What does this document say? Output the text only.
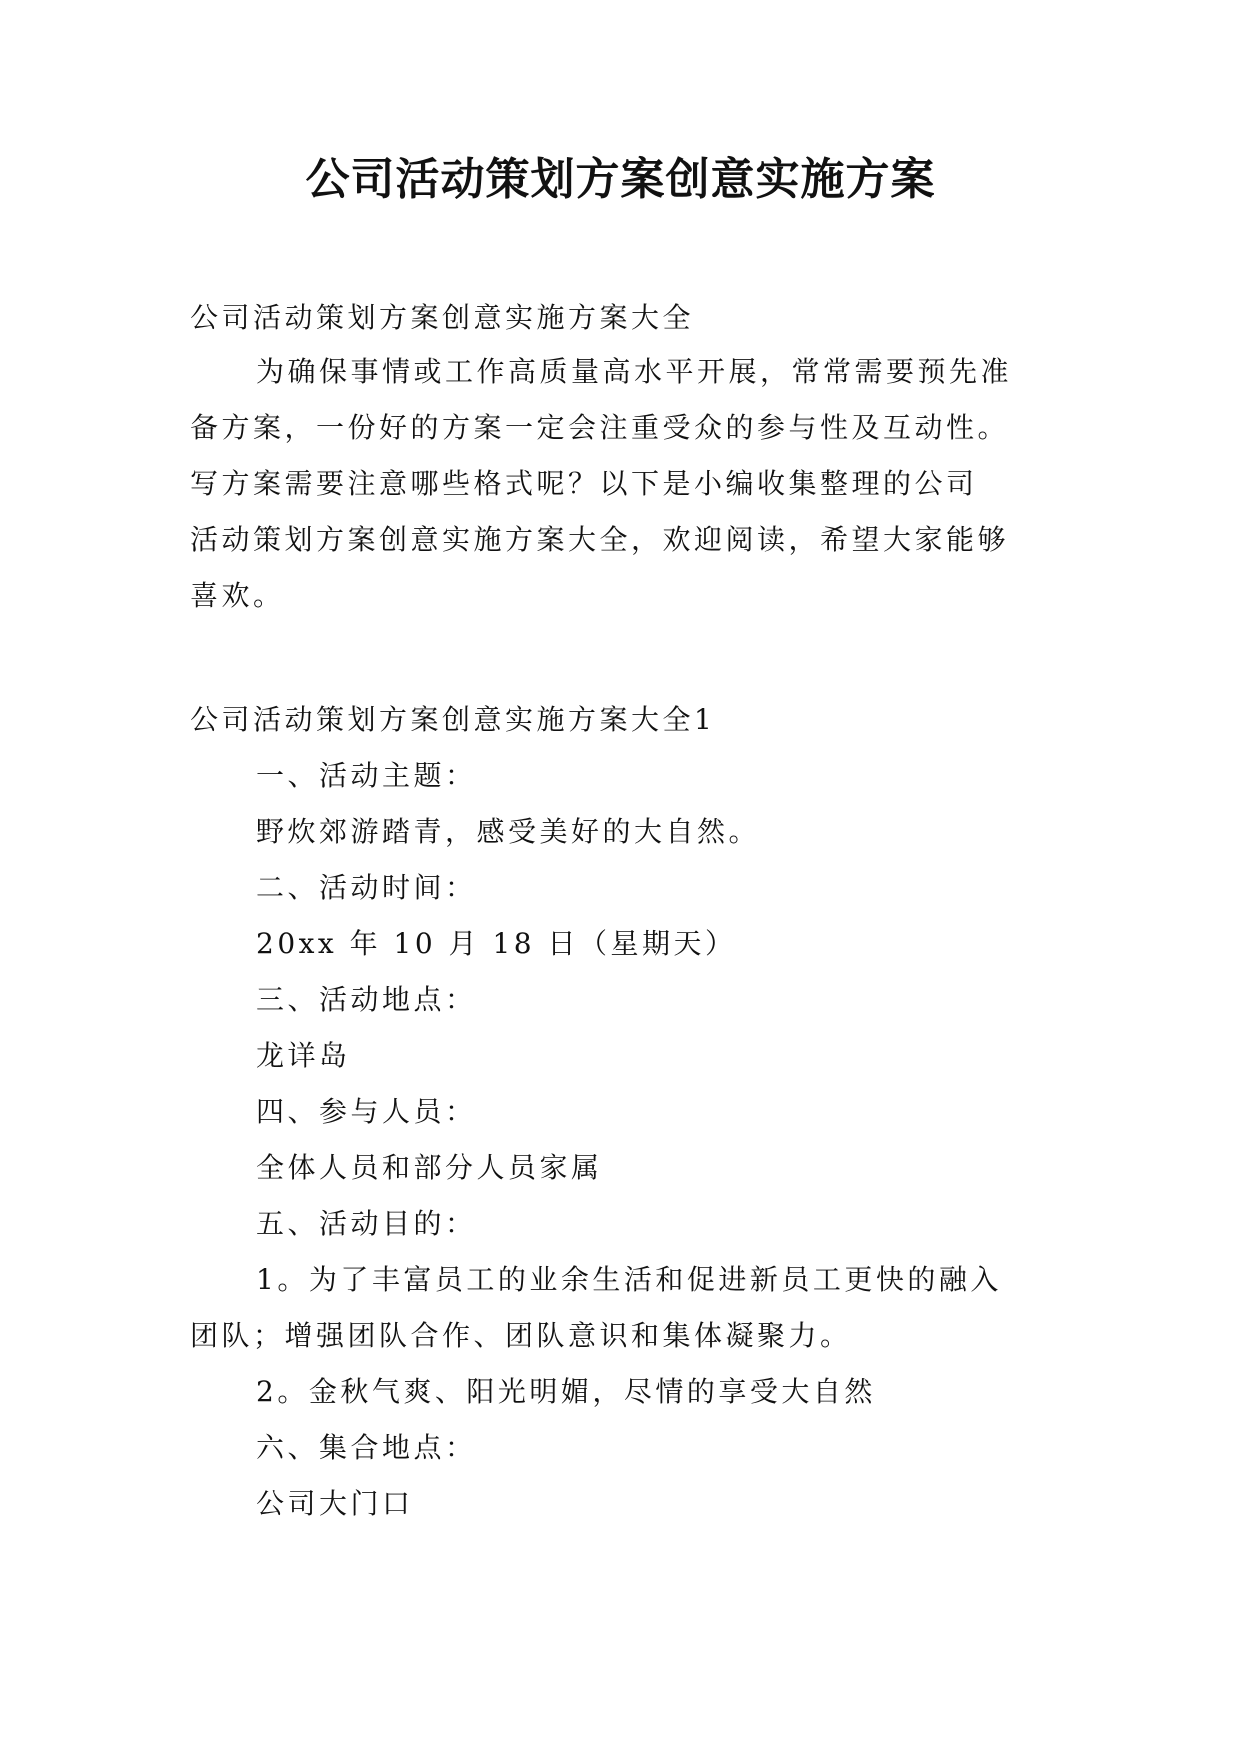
公司活动策划方案创意实施方案
公司活动策划方案创意实施方案大全
为确保事情或工作高质量高水平开展，常常需要预先准
备方案，一份好的方案一定会注重受众的参与性及互动性。
写方案需要注意哪些格式呢？以下是小编收集整理的公司
活动策划方案创意实施方案大全，欢迎阅读，希望大家能够
喜欢。
公司活动策划方案创意实施方案大全1
一、活动主题：
野炊郊游踏青，感受美好的大自然。
二、活动时间：
20xx 年 10 月 18 日（星期天）
三、活动地点：
龙详岛
四、参与人员：
全体人员和部分人员家属
五、活动目的：
1。为了丰富员工的业余生活和促进新员工更快的融入
团队；增强团队合作、团队意识和集体凝聚力。
2。金秋气爽、阳光明媚，尽情的享受大自然
六、集合地点：
公司大门口
